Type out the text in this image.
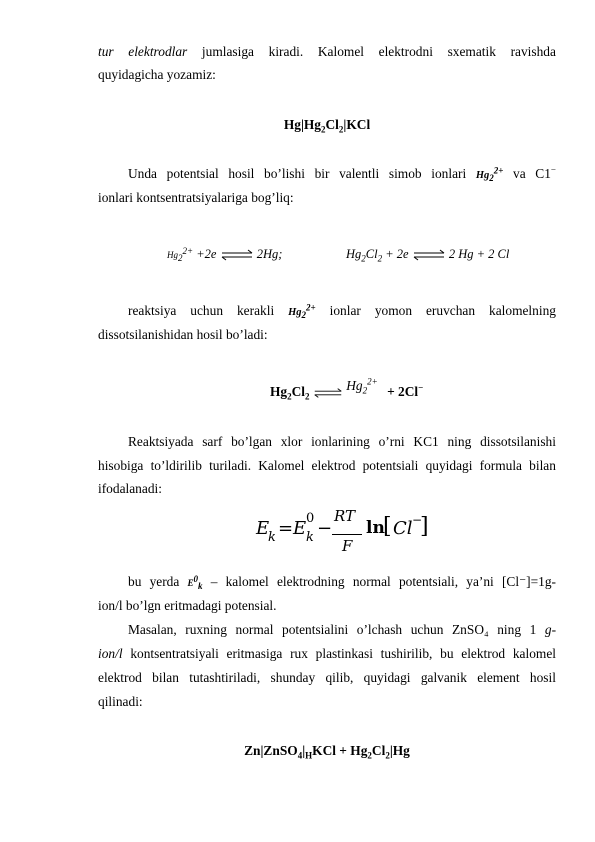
tur elektrodlar jumlasiga kiradi. Kalomel elektrodni sxematik ravishda
quyidagicha yozamiz:
$Hg|Hg_2Cl_2|KCl$
Unda potentsial hosil bo’lishi bir valentli simob ionlari $Hg_2^{2+}$ va C1−
ionlari kontsentratsiyalariga bog’liq:
$Hg_2^{2+} +2e$ ⇌ 2Hg;	$Hg_2Cl_2 + 2e$ ⇌ 2 Hg + 2 Cl
reaktsiya uchun kerakli $Hg_2^{2+}$ ionlar yomon eruvchan kalomelning
dissotsilanishidan hosil bo’ladi:
$Hg_2Cl_2$ ⇌ $Hg_2^{2+} + 2Cl^-$
Reaktsiyada sarf bo’lgan xlor ionlarining o’rni KC1 ning dissotsilanishi
hisobiga to’ldirilib turiladi. Kalomel elektrod potentsiali quyidagi formula bilan
ifodalanadi:
E
k = E 0
k −
RT
F
ln
[ Cl −
]
bu yerda $E^0_k$ – kalomel elektrodning normal potentsiali, ya’ni [Cl⁻]=1g-
ion/l bo’lgn eritmadagi potensial.
Masalan, ruxning normal potentsialini o’lchash uchun ZnSO₄ ning 1 g-
ion/l kontsentratsiyali eritmasiga rux plastinkasi tushirilib, bu elektrod kalomel
elektrod bilan tutashtiriladi, shunday qilib, quyidagi galvanik element hosil
qilinadi:
$Zn|ZnSO_4|_HKCl + Hg_2Cl_2|Hg$
